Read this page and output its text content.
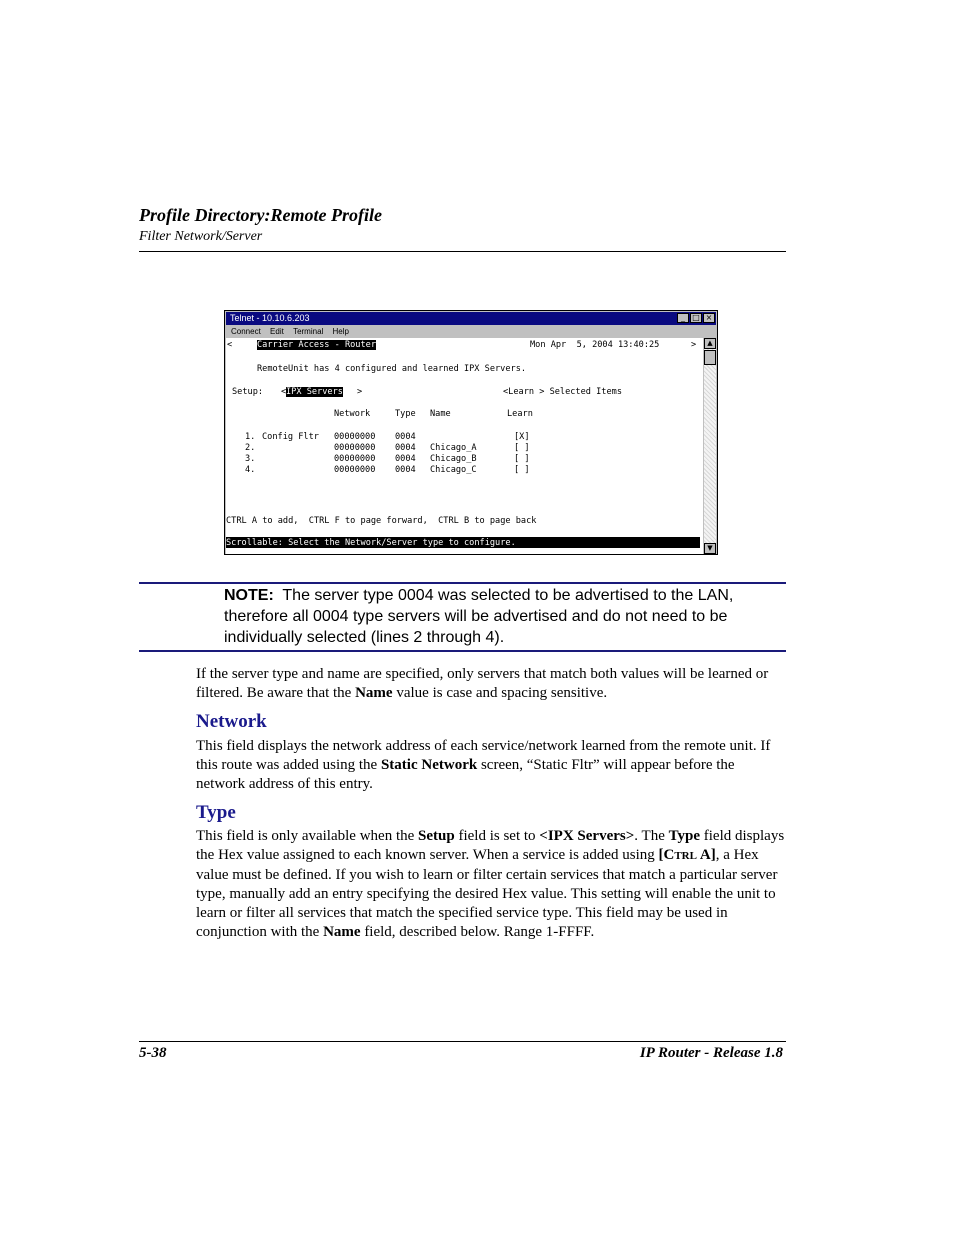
Profile Directory:Remote Profile
Filter Network/Server
Telnet - 10.10.6.203	_ □ ×
Connect Edit Terminal Help
<	Carrier Access - Router	Mon Apr  5, 2004 13:40:25	>
RemoteUnit has 4 configured and learned IPX Servers.
Setup: < IPX Servers >	<Learn > Selected Items
Network	Type Name	Learn
1. Config Fltr 00000000 0004	[X]
2.	00000000 0004 Chicago_A	[ ]
3.	00000000 0004 Chicago_B	[ ]
4.	00000000 0004 Chicago_C	[ ]
CTRL A to add,  CTRL F to page forward,  CTRL B to page back
Scrollable: Select the Network/Server type to configure.
▲
▼
NOTE: The server type 0004 was selected to be advertised to the LAN, therefore all 0004 type servers will be advertised and do not need to be individually selected (lines 2 through 4).
If the server type and name are specified, only servers that match both values will be learned or filtered. Be aware that the Name value is case and spacing sensitive.
Network
This field displays the network address of each service/network learned from the remote unit. If this route was added using the Static Network screen, “Static Fltr” will appear before the network address of this entry.
Type
This field is only available when the Setup field is set to <IPX Servers>. The Type field displays the Hex value assigned to each known server. When a service is added using [CTRL A], a Hex value must be defined. If you wish to learn or filter certain services that match a particular server type, manually add an entry specifying the desired Hex value. This setting will enable the unit to learn or filter all services that match the specified service type. This field may be used in conjunction with the Name field, described below. Range 1-FFFF.
5-38	IP Router - Release 1.8
